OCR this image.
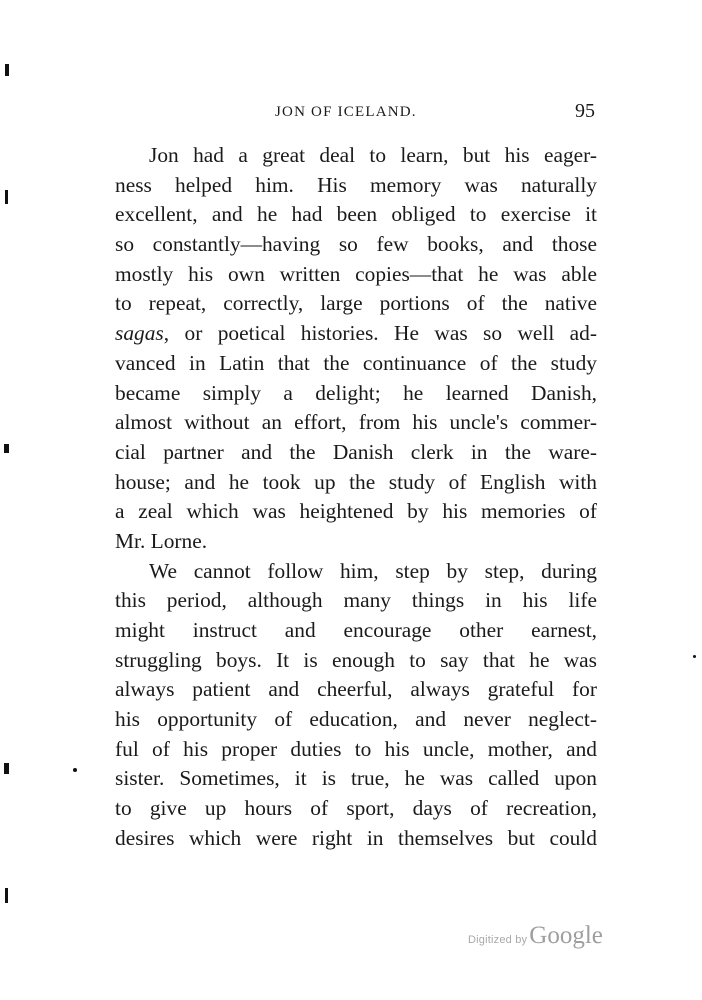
JON OF ICELAND.	95
Jon had a great deal to learn, but his eager-
ness helped him. His memory was naturally
excellent, and he had been obliged to exercise it
so constantly—having so few books, and those
mostly his own written copies—that he was able
to repeat, correctly, large portions of the native
sagas, or poetical histories. He was so well ad-
vanced in Latin that the continuance of the study
became simply a delight; he learned Danish,
almost without an effort, from his uncle's commer-
cial partner and the Danish clerk in the ware-
house; and he took up the study of English with
a zeal which was heightened by his memories of
Mr. Lorne.
We cannot follow him, step by step, during
this period, although many things in his life
might instruct and encourage other earnest,
struggling boys. It is enough to say that he was
always patient and cheerful, always grateful for
his opportunity of education, and never neglect-
ful of his proper duties to his uncle, mother, and
sister. Sometimes, it is true, he was called upon
to give up hours of sport, days of recreation,
desires which were right in themselves but could
Digitized byGoogle
